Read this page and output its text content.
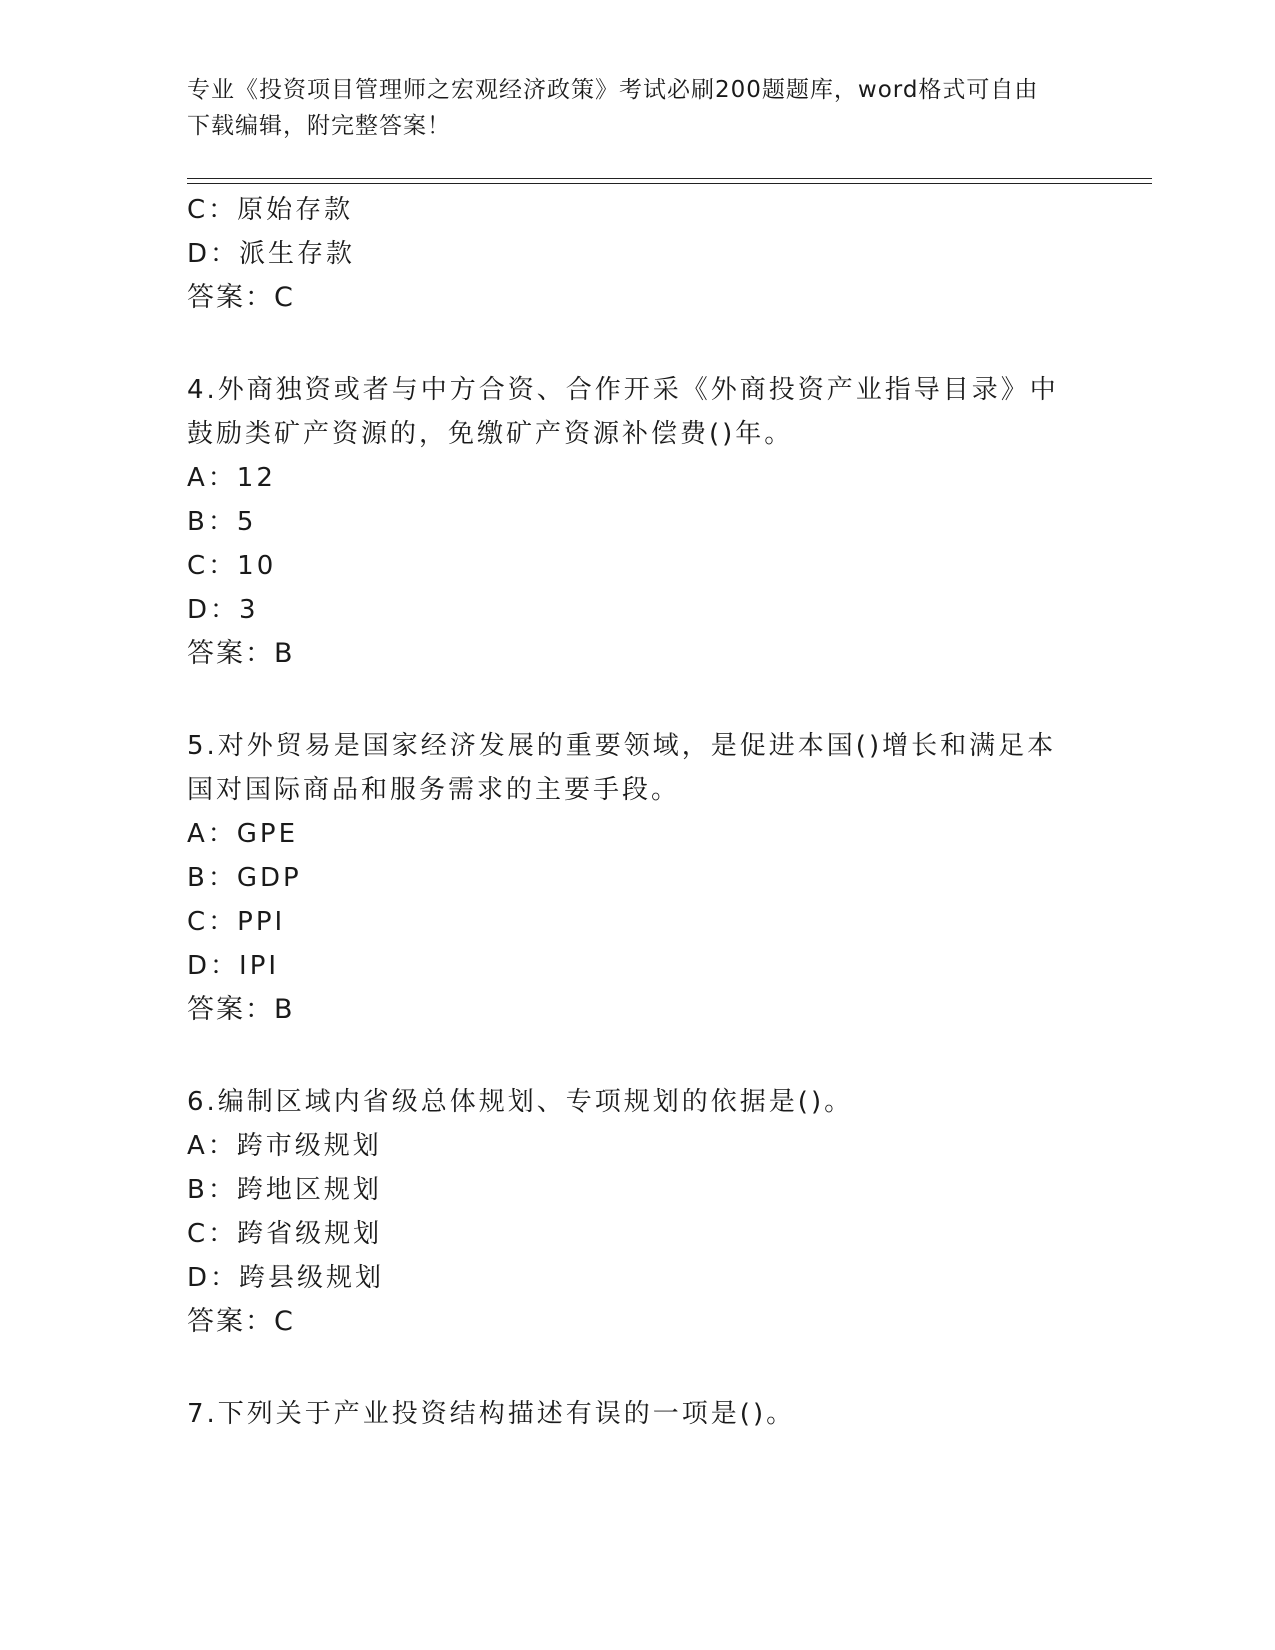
专业《投资项目管理师之宏观经济政策》考试必刷200题题库，word格式可自由
下载编辑，附完整答案！
C：原始存款
D：派生存款
答案：C
4.外商独资或者与中方合资、合作开采《外商投资产业指导目录》中
鼓励类矿产资源的，免缴矿产资源补偿费()年。
A：12
B：5
C：10
D：3
答案：B
5.对外贸易是国家经济发展的重要领域，是促进本国()增长和满足本
国对国际商品和服务需求的主要手段。
A：GPE
B：GDP
C：PPI
D：IPI
答案：B
6.编制区域内省级总体规划、专项规划的依据是()。
A：跨市级规划
B：跨地区规划
C：跨省级规划
D：跨县级规划
答案：C
7.下列关于产业投资结构描述有误的一项是()。
